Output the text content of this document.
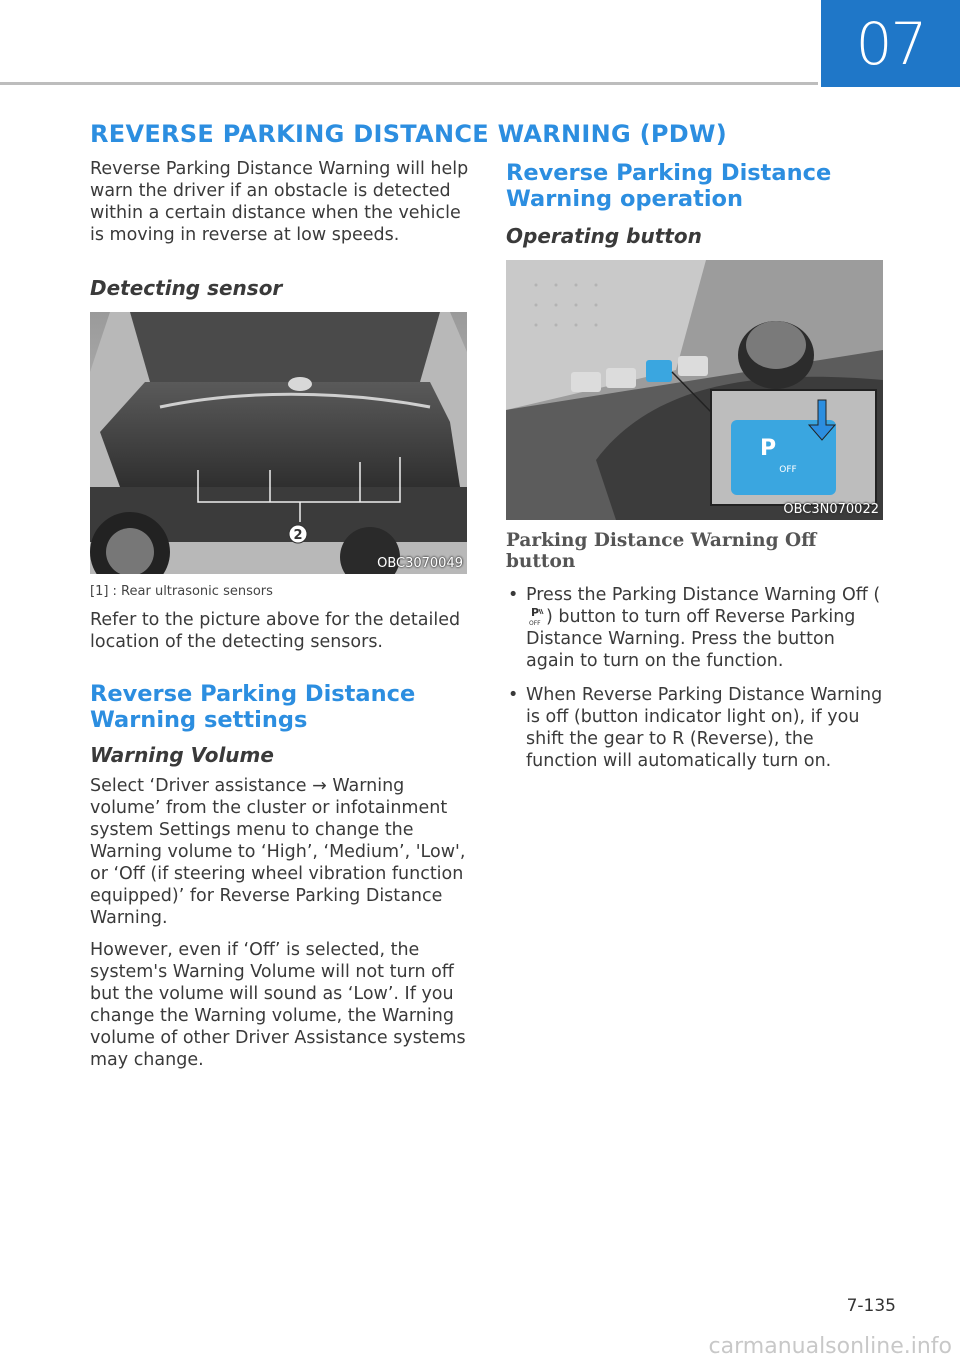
07
REVERSE PARKING DISTANCE WARNING (PDW)

Reverse Parking Distance Warning will help warn the driver if an obstacle is detected within a certain distance when the vehicle is moving in reverse at low speeds.

Detecting sensor
2
OBC3070049

[1] : Rear ultrasonic sensors

Refer to the picture above for the detailed location of the detecting sensors.

Reverse Parking Distance
Warning settings
Warning Volume

Select ‘Driver assistance → Warning volume’ from the cluster or infotainment system Settings menu to change the Warning volume to ‘High’, ‘Medium’, 'Low', or ‘Off (if steering wheel vibration function equipped)’ for Reverse Parking Distance Warning.

However, even if ‘Off’ is selected, the system's Warning Volume will not turn off but the volume will sound as ‘Low’. If you change the Warning volume, the Warning volume of other Driver Assistance systems may change.

Reverse Parking Distance
Warning operation
Operating button
P
OFF
OBC3N070022
Parking Distance Warning Off button
• Press the Parking Distance Warning Off (
P
OFF ) button to turn off Reverse Parking Distance Warning. Press the button again to turn on the function.
• When Reverse Parking Distance Warning is off (button indicator light on), if you shift the gear to R (Reverse), the function will automatically turn on.
7-135
carmanualsonline.info
